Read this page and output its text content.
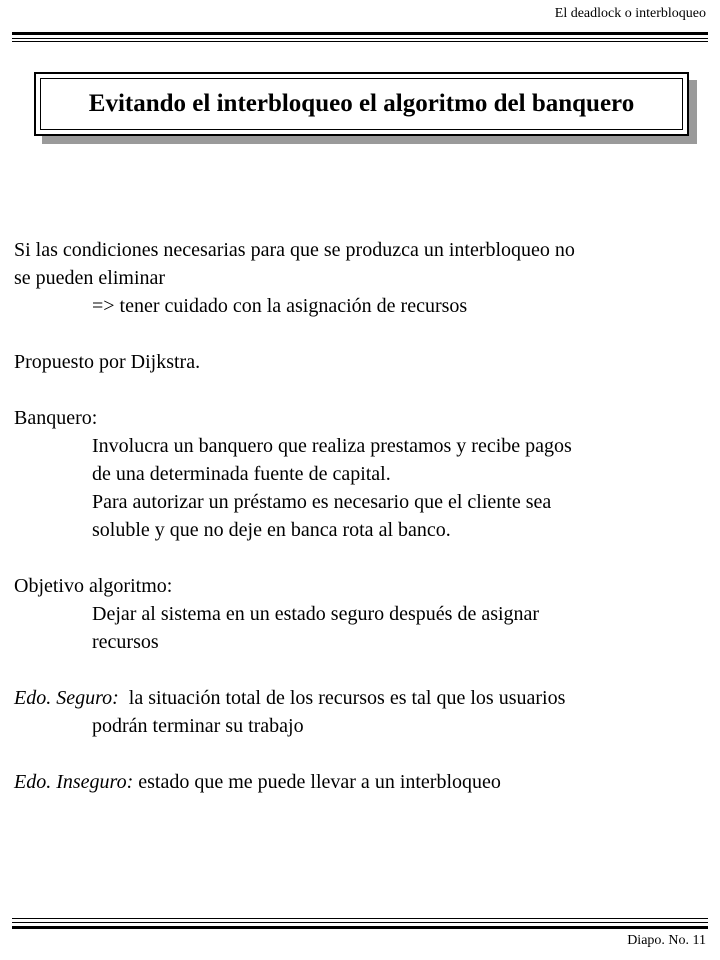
El deadlock o interbloqueo
Evitando el interbloqueo el algoritmo del banquero

Si las condiciones necesarias para que se produzca un interbloqueo no

se pueden eliminar

=> tener cuidado con la asignación de recursos

Propuesto por Dijkstra.

Banquero:

Involucra un banquero que realiza prestamos y recibe pagos

de una determinada fuente de capital.

Para autorizar un préstamo es necesario que el cliente sea

soluble y que no deje en banca rota al banco.

Objetivo algoritmo:

Dejar al sistema en un estado seguro después de asignar

recursos

Edo. Seguro:  la situación total de los recursos es tal que los usuarios

podrán terminar su trabajo

Edo. Inseguro: estado que me puede llevar a un interbloqueo

Diapo. No. 11
